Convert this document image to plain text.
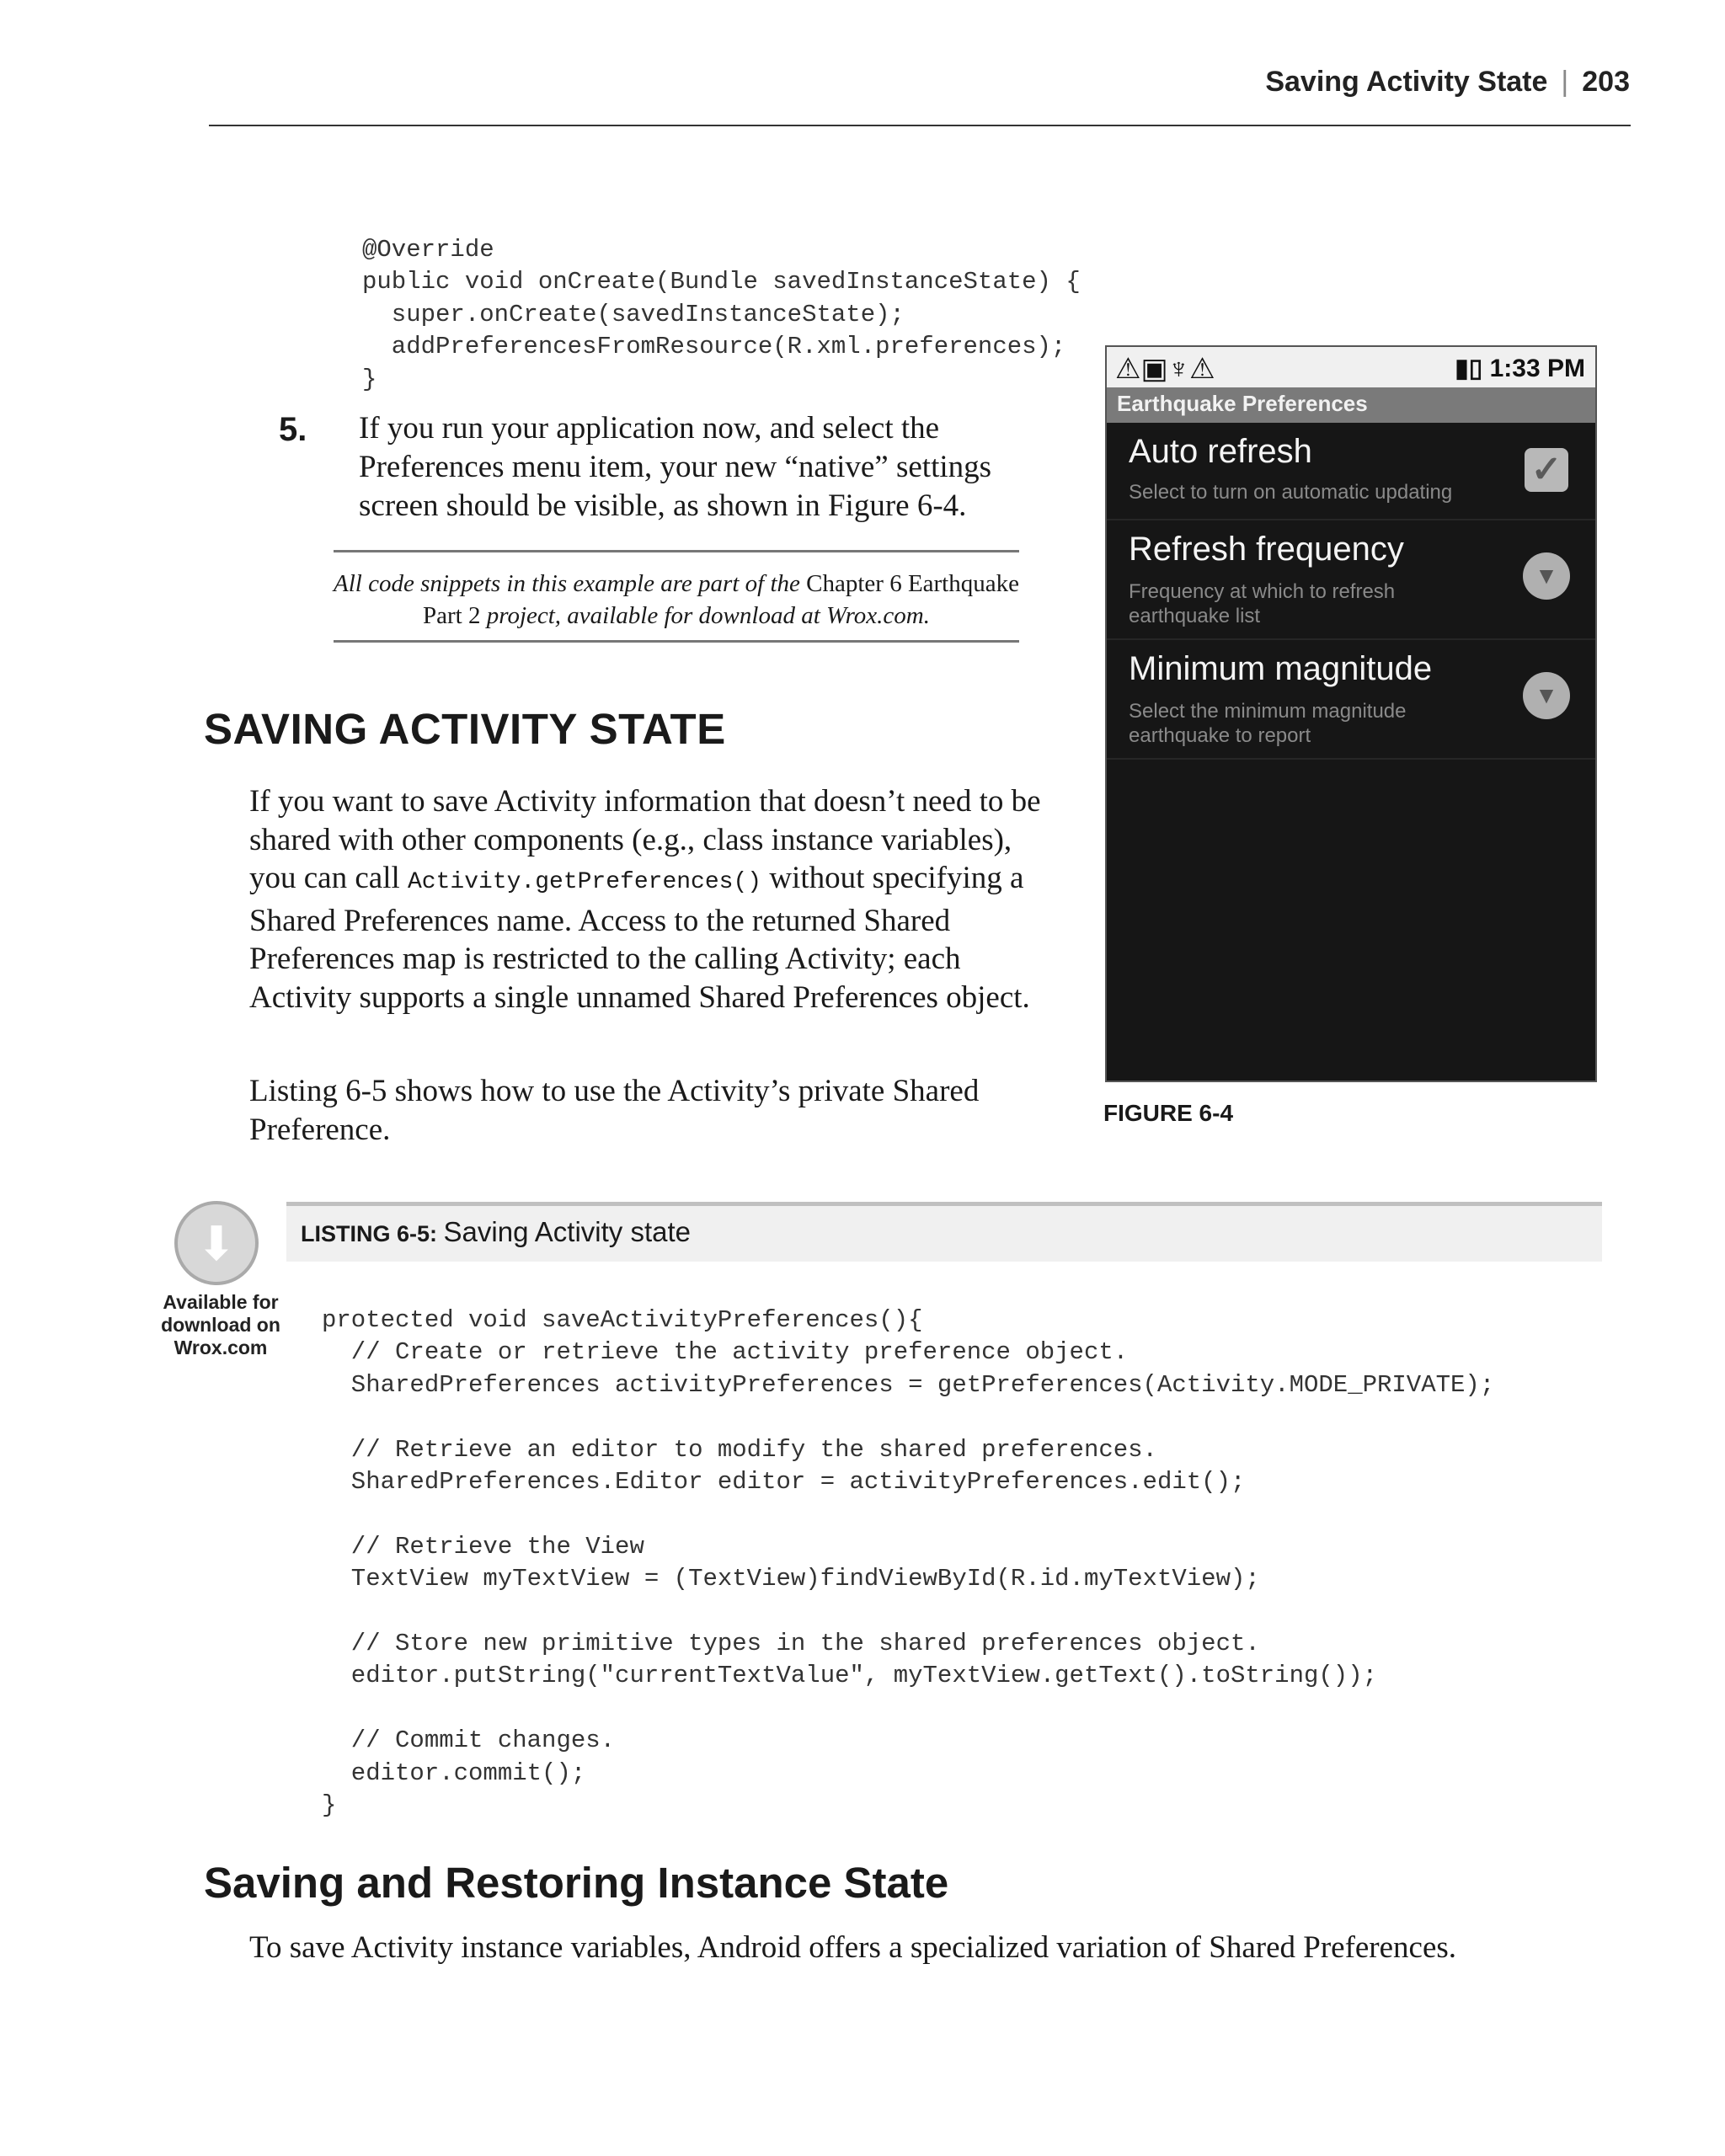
Saving Activity State | 203
@Override
public void onCreate(Bundle savedInstanceState) {
super.onCreate(savedInstanceState);
addPreferencesFromResource(R.xml.preferences);
}
5. If you run your application now, and select the Preferences menu item, your new “native” settings screen should be visible, as shown in Figure 6-4.
All code snippets in this example are part of the Chapter 6 Earthquake Part 2 project, available for download at Wrox.com.
SAVING ACTIVITY STATE
If you want to save Activity information that doesn’t need to be shared with other components (e.g., class instance variables), you can call Activity.getPreferences() without specifying a Shared Preferences name. Access to the returned Shared Preferences map is restricted to the calling Activity; each Activity supports a single unnamed Shared Preferences object.
Listing 6-5 shows how to use the Activity’s private Shared Preference.
⚠▣♆⚠	▮▯ 1:33 PM
Earthquake Preferences
Auto refresh
Select to turn on automatic updating
✓
Refresh frequency
Frequency at which to refresh earthquake list
▼
Minimum magnitude
Select the minimum magnitude earthquake to report
▼
FIGURE 6-4
LISTING 6-5: Saving Activity state
⬇
Available for download on Wrox.com
protected void saveActivityPreferences(){
// Create or retrieve the activity preference object.
SharedPreferences activityPreferences = getPreferences(Activity.MODE_PRIVATE);

// Retrieve an editor to modify the shared preferences.
SharedPreferences.Editor editor = activityPreferences.edit();

// Retrieve the View
TextView myTextView = (TextView)findViewById(R.id.myTextView);

// Store new primitive types in the shared preferences object.
editor.putString("currentTextValue", myTextView.getText().toString());

// Commit changes.
editor.commit();
}
Saving and Restoring Instance State
To save Activity instance variables, Android offers a specialized variation of Shared Preferences.
